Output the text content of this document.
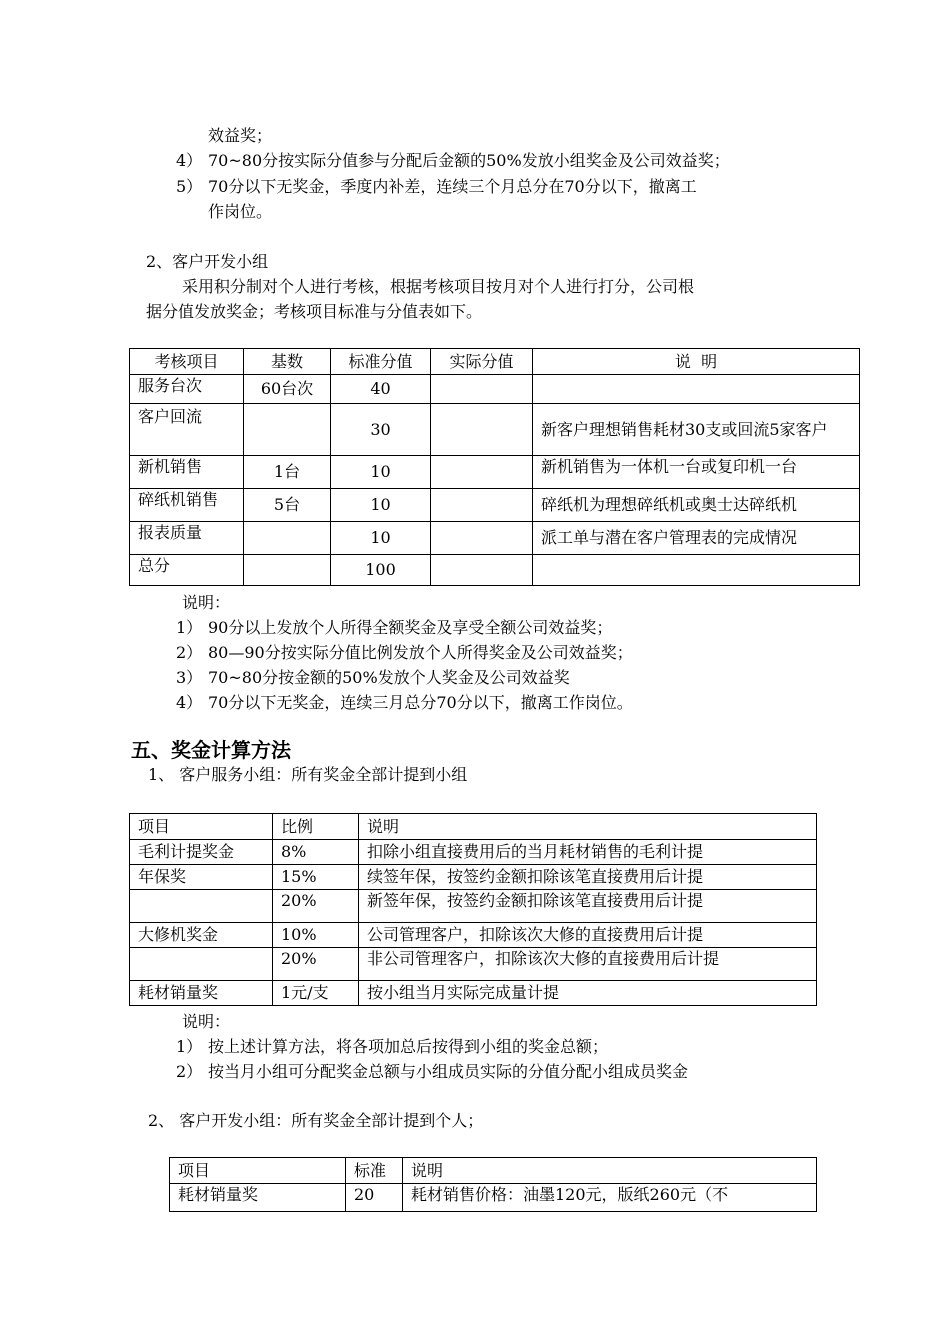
效益奖；
4） 70~80分按实际分值参与分配后金额的50%发放小组奖金及公司效益奖；
5） 70分以下无奖金，季度内补差，连续三个月总分在70分以下，撤离工
作岗位。
2、客户开发小组
采用积分制对个人进行考核，根据考核项目按月对个人进行打分，公司根
据分值发放奖金；考核项目标准与分值表如下。
考核项目	基数	标准分值	实际分值	说  明
服务台次	60台次	40		
客户回流		30		新客户理想销售耗材30支或回流5家客户
新机销售	1台	10		新机销售为一体机一台或复印机一台
碎纸机销售	5台	10		碎纸机为理想碎纸机或奥士达碎纸机
报表质量		10		派工单与潜在客户管理表的完成情况
总分		100		
说明：
1） 90分以上发放个人所得全额奖金及享受全额公司效益奖；
2） 80—90分按实际分值比例发放个人所得奖金及公司效益奖；
3） 70~80分按金额的50%发放个人奖金及公司效益奖
4） 70分以下无奖金，连续三月总分70分以下，撤离工作岗位。
五、奖金计算方法
1、 客户服务小组：所有奖金全部计提到小组
项目	比例	说明
毛利计提奖金	8%	扣除小组直接费用后的当月耗材销售的毛利计提
年保奖	15%	续签年保，按签约金额扣除该笔直接费用后计提
	20%	新签年保，按签约金额扣除该笔直接费用后计提
大修机奖金	10%	公司管理客户，扣除该次大修的直接费用后计提
	20%	非公司管理客户，扣除该次大修的直接费用后计提
耗材销量奖	1元/支	按小组当月实际完成量计提
说明：
1） 按上述计算方法，将各项加总后按得到小组的奖金总额；
2） 按当月小组可分配奖金总额与小组成员实际的分值分配小组成员奖金
2、 客户开发小组：所有奖金全部计提到个人；
项目	标准	说明
耗材销量奖	20	耗材销售价格：油墨120元，版纸260元（不
